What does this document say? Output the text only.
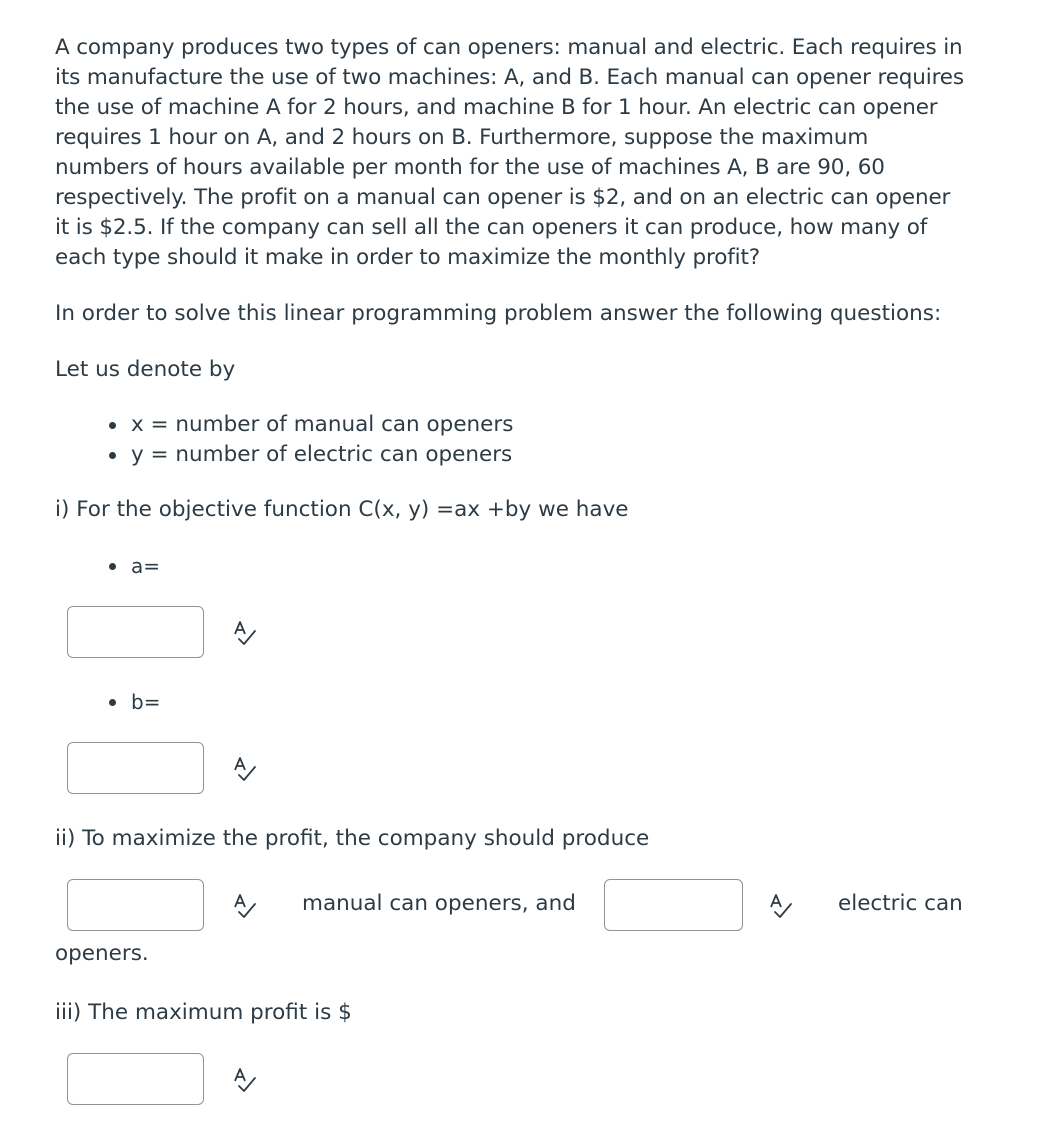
A company produces two types of can openers: manual and electric. Each requires in
its manufacture the use of two machines: A, and B. Each manual can opener requires
the use of machine A for 2 hours, and machine B for 1 hour. An electric can opener
requires 1 hour on A, and 2 hours on B. Furthermore, suppose the maximum
numbers of hours available per month for the use of machines A, B are 90, 60
respectively. The profit on a manual can opener is $2, and on an electric can opener
it is $2.5. If the company can sell all the can openers it can produce, how many of
each type should it make in order to maximize the monthly profit?
In order to solve this linear programming problem answer the following questions:
Let us denote by
x = number of manual can openers
y = number of electric can openers
i) For the objective function C(x, y) =ax +by we have
a=
b=
ii) To maximize the profit, the company should produce
manual can openers, and	electric can
openers.
iii) The maximum profit is $
